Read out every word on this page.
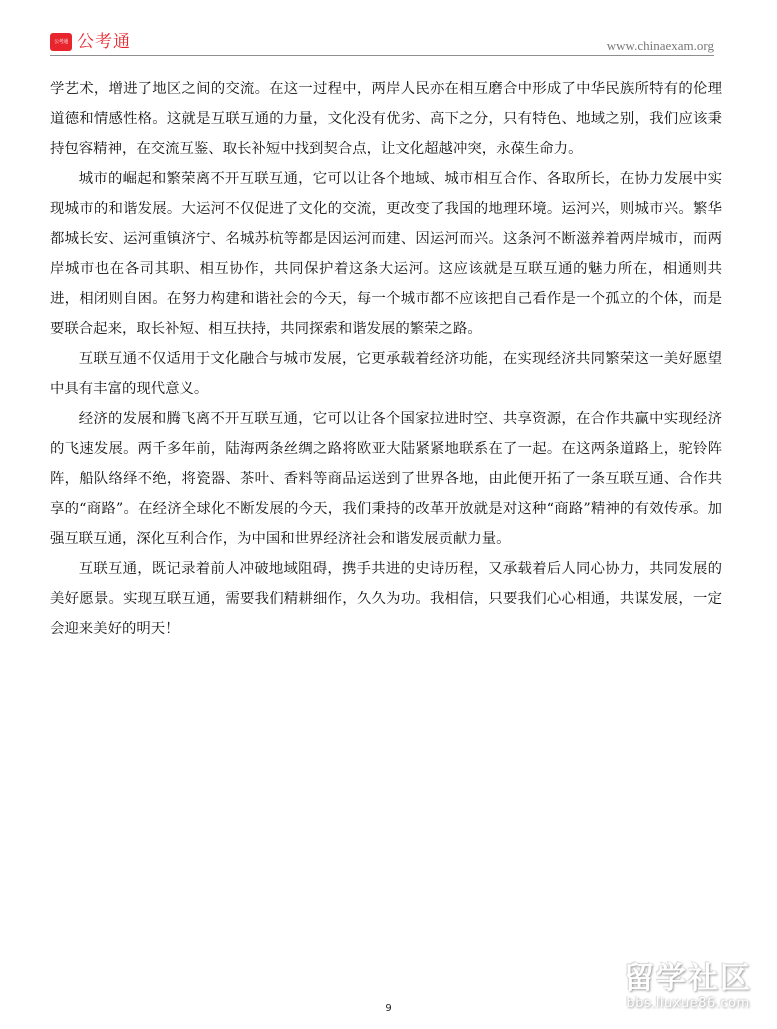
公考通 公考通	www.chinaexam.org

学艺术，增进了地区之间的交流。在这一过程中，两岸人民亦在相互磨合中形成了中华民族所特有的伦理道德和情感性格。这就是互联互通的力量，文化没有优劣、高下之分，只有特色、地域之别，我们应该秉持包容精神，在交流互鉴、取长补短中找到契合点，让文化超越冲突，永葆生命力。

城市的崛起和繁荣离不开互联互通，它可以让各个地域、城市相互合作、各取所长，在协力发展中实现城市的和谐发展。大运河不仅促进了文化的交流，更改变了我国的地理环境。运河兴，则城市兴。繁华都城长安、运河重镇济宁、名城苏杭等都是因运河而建、因运河而兴。这条河不断滋养着两岸城市，而两岸城市也在各司其职、相互协作，共同保护着这条大运河。这应该就是互联互通的魅力所在，相通则共进，相闭则自困。在努力构建和谐社会的今天，每一个城市都不应该把自己看作是一个孤立的个体，而是要联合起来，取长补短、相互扶持，共同探索和谐发展的繁荣之路。

互联互通不仅适用于文化融合与城市发展，它更承载着经济功能，在实现经济共同繁荣这一美好愿望中具有丰富的现代意义。

经济的发展和腾飞离不开互联互通，它可以让各个国家拉进时空、共享资源，在合作共赢中实现经济的飞速发展。两千多年前，陆海两条丝绸之路将欧亚大陆紧紧地联系在了一起。在这两条道路上，驼铃阵阵，船队络绎不绝，将瓷器、茶叶、香料等商品运送到了世界各地，由此便开拓了一条互联互通、合作共享的“商路”。在经济全球化不断发展的今天，我们秉持的改革开放就是对这种“商路”精神的有效传承。加强互联互通，深化互利合作，为中国和世界经济社会和谐发展贡献力量。

互联互通，既记录着前人冲破地域阻碍，携手共进的史诗历程，又承载着后人同心协力，共同发展的美好愿景。实现互联互通，需要我们精耕细作，久久为功。我相信，只要我们心心相通，共谋发展，一定会迎来美好的明天！

9
留学社区
bbs.liuxue86.com
